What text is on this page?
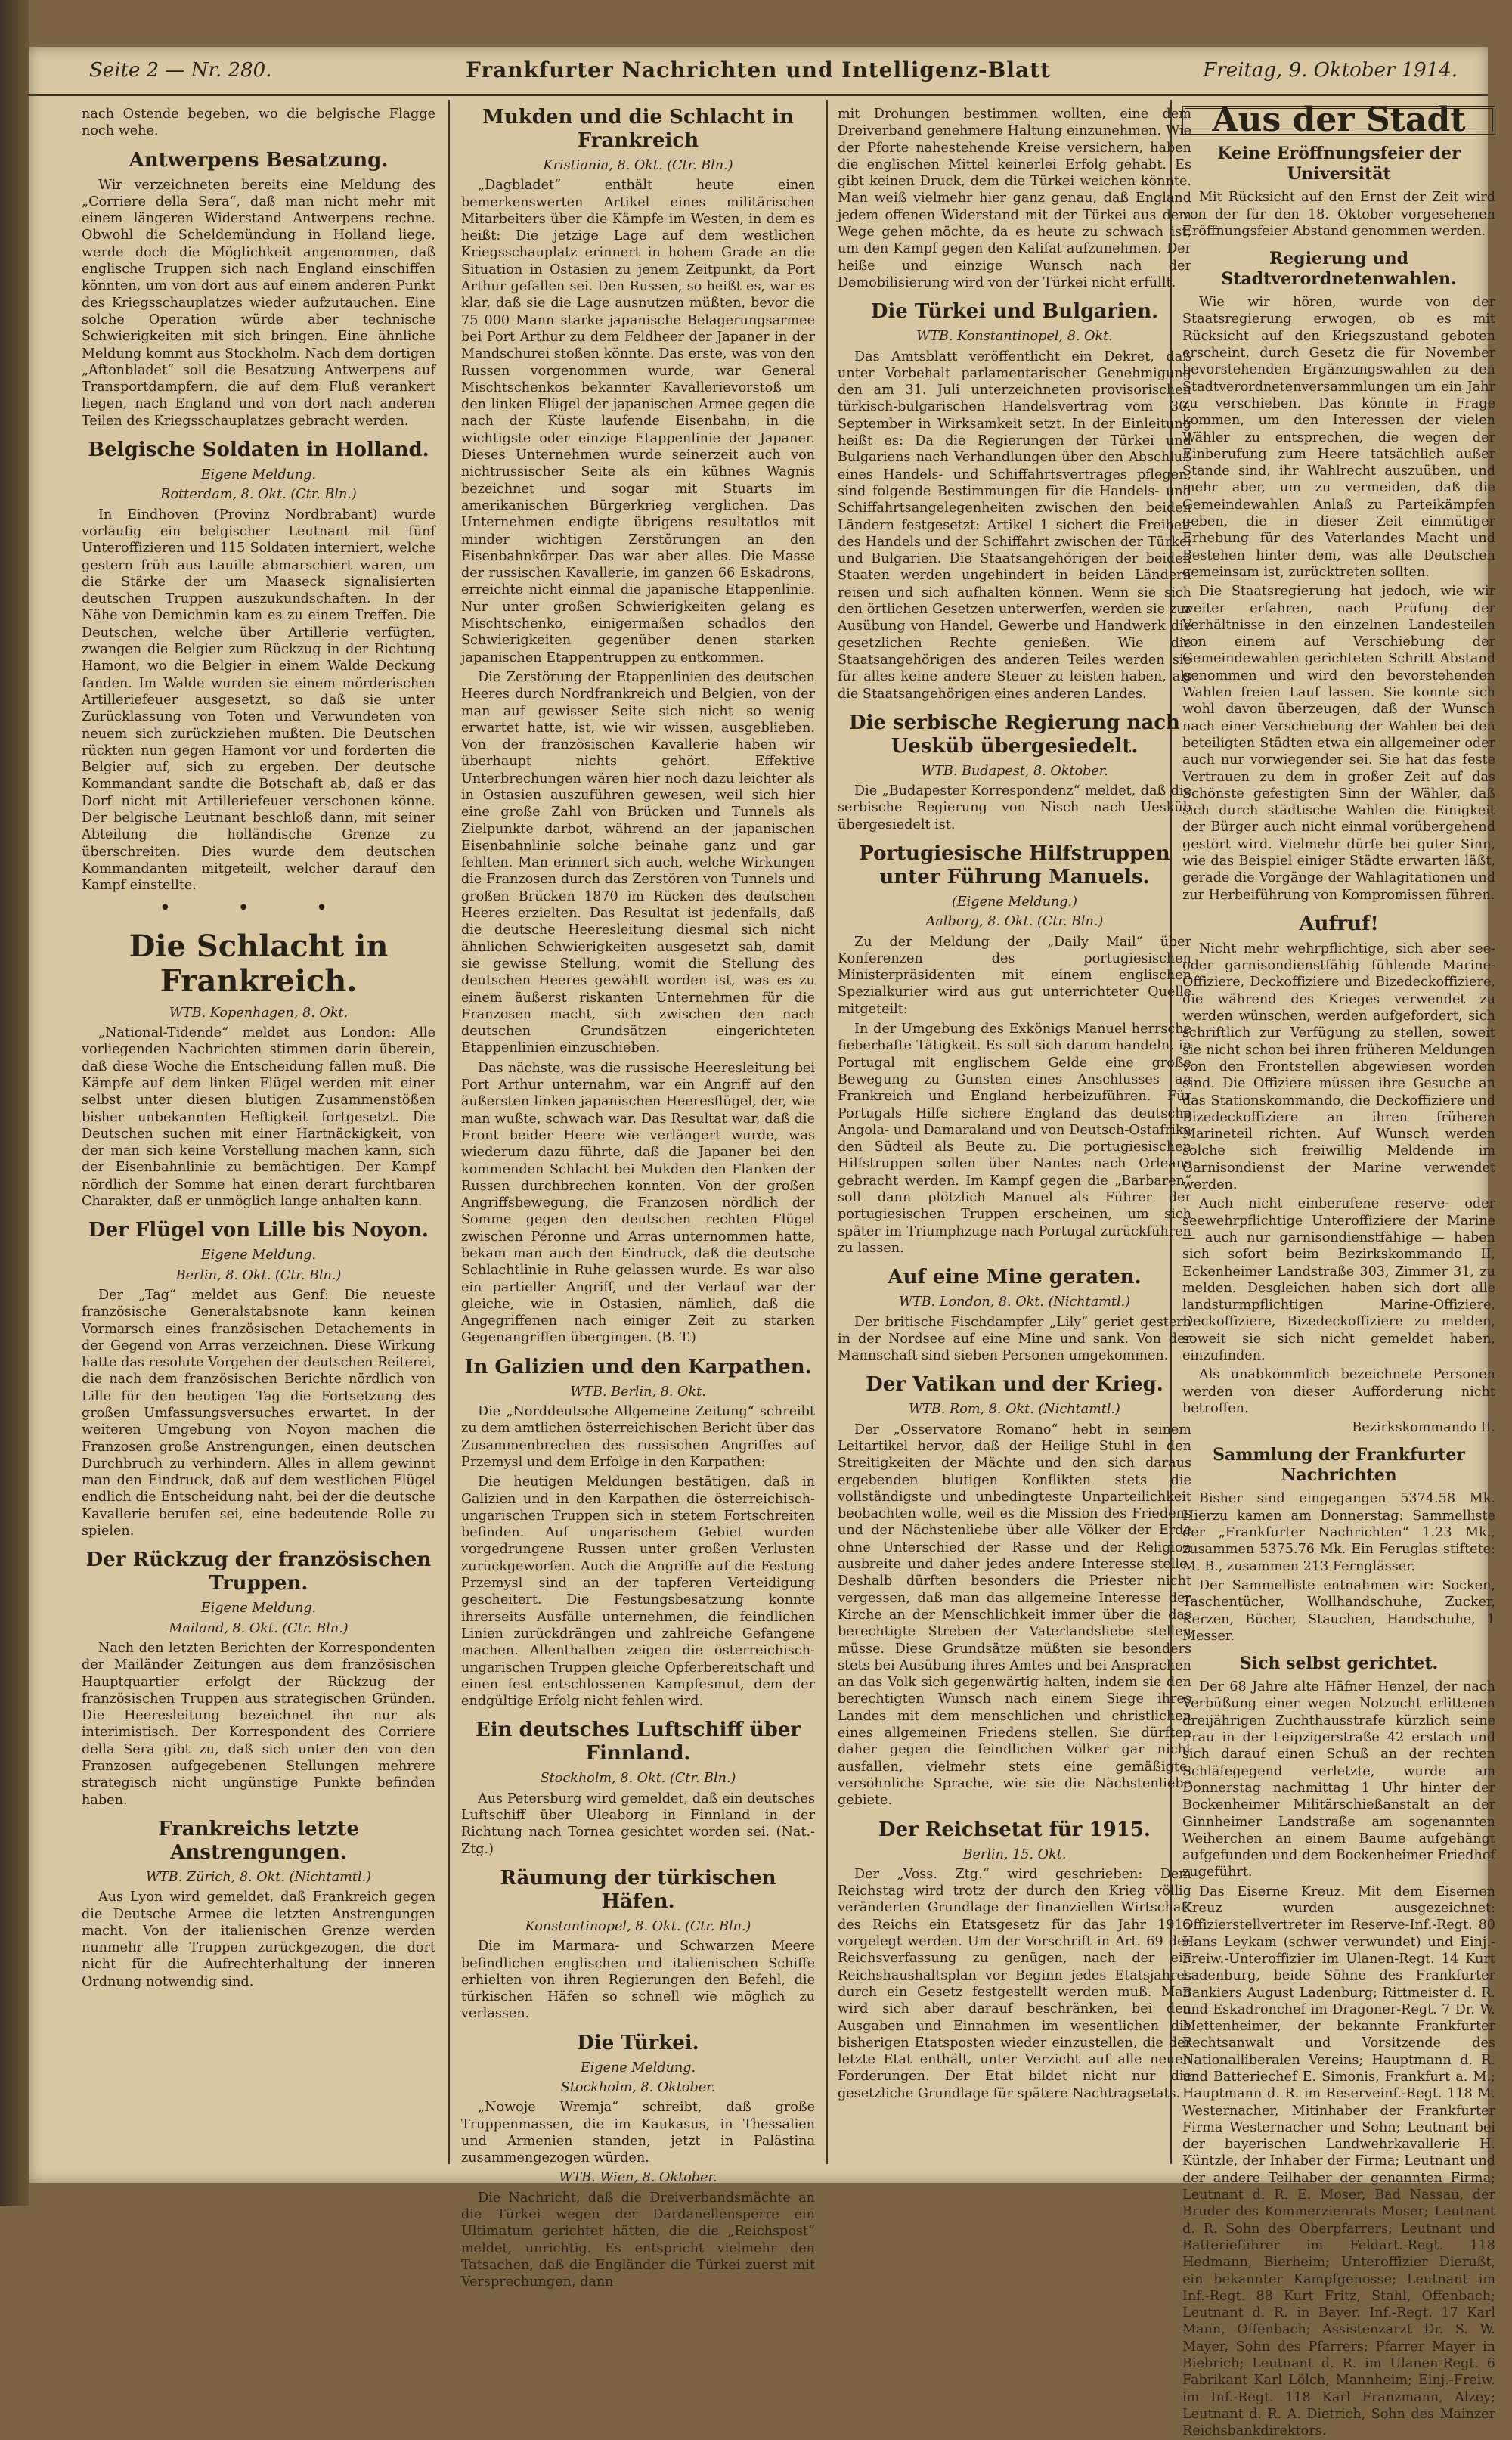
Seite 2 — Nr. 280.	Frankfurter Nachrichten und Intelligenz-Blatt	Freitag, 9. Oktober 1914.

nach Ostende begeben, wo die belgische Flagge noch wehe.

Antwerpens Besatzung.

Wir verzeichneten bereits eine Meldung des „Corriere della Sera“, daß man nicht mehr mit einem längeren Widerstand Antwerpens rechne. Obwohl die Scheldemündung in Holland liege, werde doch die Möglichkeit angenommen, daß englische Truppen sich nach England einschiffen könnten, um von dort aus auf einem anderen Punkt des Kriegsschauplatzes wieder aufzutauchen. Eine solche Operation würde aber technische Schwierigkeiten mit sich bringen. Eine ähnliche Meldung kommt aus Stockholm. Nach dem dortigen „Aftonbladet“ soll die Besatzung Antwerpens auf Transportdampfern, die auf dem Fluß verankert liegen, nach England und von dort nach anderen Teilen des Kriegsschauplatzes gebracht werden.

Belgische Soldaten in Holland.
Eigene Meldung.
Rotterdam, 8. Okt. (Ctr. Bln.)

In Eindhoven (Provinz Nordbrabant) wurde vorläufig ein belgischer Leutnant mit fünf Unteroffizieren und 115 Soldaten interniert, welche gestern früh aus Lauille abmarschiert waren, um die Stärke der um Maaseck signalisierten deutschen Truppen auszukundschaften. In der Nähe von Demichmin kam es zu einem Treffen. Die Deutschen, welche über Artillerie verfügten, zwangen die Belgier zum Rückzug in der Richtung Hamont, wo die Belgier in einem Walde Deckung fanden. Im Walde wurden sie einem mörderischen Artilleriefeuer ausgesetzt, so daß sie unter Zurücklassung von Toten und Verwundeten von neuem sich zurückziehen mußten. Die Deutschen rückten nun gegen Hamont vor und forderten die Belgier auf, sich zu ergeben. Der deutsche Kommandant sandte die Botschaft ab, daß er das Dorf nicht mit Artilleriefeuer verschonen könne. Der belgische Leutnant beschloß dann, mit seiner Abteilung die holländische Grenze zu überschreiten. Dies wurde dem deutschen Kommandanten mitgeteilt, welcher darauf den Kampf einstellte.

• • •
Die Schlacht in Frankreich.
WTB. Kopenhagen, 8. Okt.

„National-Tidende“ meldet aus London: Alle vorliegenden Nachrichten stimmen darin überein, daß diese Woche die Entscheidung fallen muß. Die Kämpfe auf dem linken Flügel werden mit einer selbst unter diesen blutigen Zusammenstößen bisher unbekannten Heftigkeit fortgesetzt. Die Deutschen suchen mit einer Hartnäckigkeit, von der man sich keine Vorstellung machen kann, sich der Eisenbahnlinie zu bemächtigen. Der Kampf nördlich der Somme hat einen derart furchtbaren Charakter, daß er unmöglich lange anhalten kann.

Der Flügel von Lille bis Noyon.
Eigene Meldung.
Berlin, 8. Okt. (Ctr. Bln.)

Der „Tag“ meldet aus Genf: Die neueste französische Generalstabsnote kann keinen Vormarsch eines französischen Detachements in der Gegend von Arras verzeichnen. Diese Wirkung hatte das resolute Vorgehen der deutschen Reiterei, die nach dem französischen Berichte nördlich von Lille für den heutigen Tag die Fortsetzung des großen Umfassungsversuches erwartet. In der weiteren Umgebung von Noyon machen die Franzosen große Anstrengungen, einen deutschen Durchbruch zu verhindern. Alles in allem gewinnt man den Eindruck, daß auf dem westlichen Flügel endlich die Entscheidung naht, bei der die deutsche Kavallerie berufen sei, eine bedeutende Rolle zu spielen.

Der Rückzug der französischen Truppen.
Eigene Meldung.
Mailand, 8. Okt. (Ctr. Bln.)

Nach den letzten Berichten der Korrespondenten der Mailänder Zeitungen aus dem französischen Hauptquartier erfolgt der Rückzug der französischen Truppen aus strategischen Gründen. Die Heeresleitung bezeichnet ihn nur als interimistisch. Der Korrespondent des Corriere della Sera gibt zu, daß sich unter den von den Franzosen aufgegebenen Stellungen mehrere strategisch nicht ungünstige Punkte befinden haben.

Frankreichs letzte Anstrengungen.
WTB. Zürich, 8. Okt. (Nichtamtl.)

Aus Lyon wird gemeldet, daß Frankreich gegen die Deutsche Armee die letzten Anstrengungen macht. Von der italienischen Grenze werden nunmehr alle Truppen zurückgezogen, die dort nicht für die Aufrechterhaltung der inneren Ordnung notwendig sind.

Mukden und die Schlacht in Frankreich
Kristiania, 8. Okt. (Ctr. Bln.)

„Dagbladet“ enthält heute einen bemerkenswerten Artikel eines militärischen Mitarbeiters über die Kämpfe im Westen, in dem es heißt: Die jetzige Lage auf dem westlichen Kriegsschauplatz erinnert in hohem Grade an die Situation in Ostasien zu jenem Zeitpunkt, da Port Arthur gefallen sei. Den Russen, so heißt es, war es klar, daß sie die Lage ausnutzen müßten, bevor die 75 000 Mann starke japanische Belagerungsarmee bei Port Arthur zu dem Feldheer der Japaner in der Mandschurei stoßen könnte. Das erste, was von den Russen vorgenommen wurde, war General Mischtschenkos bekannter Kavallerievorstoß um den linken Flügel der japanischen Armee gegen die nach der Küste laufende Eisenbahn, in die wichtigste oder einzige Etappenlinie der Japaner. Dieses Unternehmen wurde seinerzeit auch von nichtrussischer Seite als ein kühnes Wagnis bezeichnet und sogar mit Stuarts im amerikanischen Bürgerkrieg verglichen. Das Unternehmen endigte übrigens resultatlos mit minder wichtigen Zerstörungen an den Eisenbahnkörper. Das war aber alles. Die Masse der russischen Kavallerie, im ganzen 66 Eskadrons, erreichte nicht einmal die japanische Etappenlinie. Nur unter großen Schwierigkeiten gelang es Mischtschenko, einigermaßen schadlos den Schwierigkeiten gegenüber denen starken japanischen Etappentruppen zu entkommen.

Die Zerstörung der Etappenlinien des deutschen Heeres durch Nordfrankreich und Belgien, von der man auf gewisser Seite sich nicht so wenig erwartet hatte, ist, wie wir wissen, ausgeblieben. Von der französischen Kavallerie haben wir überhaupt nichts gehört. Effektive Unterbrechungen wären hier noch dazu leichter als in Ostasien auszuführen gewesen, weil sich hier eine große Zahl von Brücken und Tunnels als Zielpunkte darbot, während an der japanischen Eisenbahnlinie solche beinahe ganz und gar fehlten. Man erinnert sich auch, welche Wirkungen die Franzosen durch das Zerstören von Tunnels und großen Brücken 1870 im Rücken des deutschen Heeres erzielten. Das Resultat ist jedenfalls, daß die deutsche Heeresleitung diesmal sich nicht ähnlichen Schwierigkeiten ausgesetzt sah, damit sie gewisse Stellung, womit die Stellung des deutschen Heeres gewählt worden ist, was es zu einem äußerst riskanten Unternehmen für die Franzosen macht, sich zwischen den nach deutschen Grundsätzen eingerichteten Etappenlinien einzuschieben.

Das nächste, was die russische Heeresleitung bei Port Arthur unternahm, war ein Angriff auf den äußersten linken japanischen Heeresflügel, der, wie man wußte, schwach war. Das Resultat war, daß die Front beider Heere wie verlängert wurde, was wiederum dazu führte, daß die Japaner bei den kommenden Schlacht bei Mukden den Flanken der Russen durchbrechen konnten. Von der großen Angriffsbewegung, die Franzosen nördlich der Somme gegen den deutschen rechten Flügel zwischen Péronne und Arras unternommen hatte, bekam man auch den Eindruck, daß die deutsche Schlachtlinie in Ruhe gelassen wurde. Es war also ein partieller Angriff, und der Verlauf war der gleiche, wie in Ostasien, nämlich, daß die Angegriffenen nach einiger Zeit zu starken Gegenangriffen übergingen. (B. T.)

In Galizien und den Karpathen.
WTB. Berlin, 8. Okt.

Die „Norddeutsche Allgemeine Zeitung“ schreibt zu dem amtlichen österreichischen Bericht über das Zusammenbrechen des russischen Angriffes auf Przemysl und dem Erfolge in den Karpathen:

Die heutigen Meldungen bestätigen, daß in Galizien und in den Karpathen die österreichisch-ungarischen Truppen sich in stetem Fortschreiten befinden. Auf ungarischem Gebiet wurden vorgedrungene Russen unter großen Verlusten zurückgeworfen. Auch die Angriffe auf die Festung Przemysl sind an der tapferen Verteidigung gescheitert. Die Festungsbesatzung konnte ihrerseits Ausfälle unternehmen, die feindlichen Linien zurückdrängen und zahlreiche Gefangene machen. Allenthalben zeigen die österreichisch-ungarischen Truppen gleiche Opferbereitschaft und einen fest entschlossenen Kampfesmut, dem der endgültige Erfolg nicht fehlen wird.

Ein deutsches Luftschiff über Finnland.
Stockholm, 8. Okt. (Ctr. Bln.)

Aus Petersburg wird gemeldet, daß ein deutsches Luftschiff über Uleaborg in Finnland in der Richtung nach Tornea gesichtet worden sei. (Nat.-Ztg.)

Räumung der türkischen Häfen.
Konstantinopel, 8. Okt. (Ctr. Bln.)

Die im Marmara- und Schwarzen Meere befindlichen englischen und italienischen Schiffe erhielten von ihren Regierungen den Befehl, die türkischen Häfen so schnell wie möglich zu verlassen.

Die Türkei.
Eigene Meldung.
Stockholm, 8. Oktober.

„Nowoje Wremja“ schreibt, daß große Truppenmassen, die im Kaukasus, in Thessalien und Armenien standen, jetzt in Palästina zusammengezogen würden.

WTB. Wien, 8. Oktober.

Die Nachricht, daß die Dreiverbandsmächte an die Türkei wegen der Dardanellensperre ein Ultimatum gerichtet hätten, die die „Reichspost“ meldet, unrichtig. Es entspricht vielmehr den Tatsachen, daß die Engländer die Türkei zuerst mit Versprechungen, dann

mit Drohungen bestimmen wollten, eine dem Dreiverband genehmere Haltung einzunehmen. Wie der Pforte nahestehende Kreise versichern, haben die englischen Mittel keinerlei Erfolg gehabt. Es gibt keinen Druck, dem die Türkei weichen könnte. Man weiß vielmehr hier ganz genau, daß England jedem offenen Widerstand mit der Türkei aus dem Wege gehen möchte, da es heute zu schwach ist, um den Kampf gegen den Kalifat aufzunehmen. Der heiße und einzige Wunsch nach der Demobilisierung wird von der Türkei nicht erfüllt.

Die Türkei und Bulgarien.
WTB. Konstantinopel, 8. Okt.

Das Amtsblatt veröffentlicht ein Dekret, daß unter Vorbehalt parlamentarischer Genehmigung den am 31. Juli unterzeichneten provisorischen türkisch-bulgarischen Handelsvertrag vom 30. September in Wirksamkeit setzt. In der Einleitung heißt es: Da die Regierungen der Türkei und Bulgariens nach Verhandlungen über den Abschluß eines Handels- und Schiffahrtsvertrages pflegen, sind folgende Bestimmungen für die Handels- und Schiffahrtsangelegenheiten zwischen den beiden Ländern festgesetzt: Artikel 1 sichert die Freiheit des Handels und der Schiffahrt zwischen der Türkei und Bulgarien. Die Staatsangehörigen der beiden Staaten werden ungehindert in beiden Ländern reisen und sich aufhalten können. Wenn sie sich den örtlichen Gesetzen unterwerfen, werden sie zur Ausübung von Handel, Gewerbe und Handwerk die gesetzlichen Rechte genießen. Wie die Staatsangehörigen des anderen Teiles werden sie für alles keine andere Steuer zu leisten haben, als die Staatsangehörigen eines anderen Landes.

Die serbische Regierung nach Uesküb übergesiedelt.
WTB. Budapest, 8. Oktober.

Die „Budapester Korrespondenz“ meldet, daß die serbische Regierung von Nisch nach Uesküb übergesiedelt ist.

Portugiesische Hilfstruppen unter Führung Manuels.
(Eigene Meldung.)
Aalborg, 8. Okt. (Ctr. Bln.)

Zu der Meldung der „Daily Mail“ über Konferenzen des portugiesischen Ministerpräsidenten mit einem englischen Spezialkurier wird aus gut unterrichteter Quelle mitgeteilt:

In der Umgebung des Exkönigs Manuel herrsche fieberhafte Tätigkeit. Es soll sich darum handeln, in Portugal mit englischem Gelde eine große Bewegung zu Gunsten eines Anschlusses an Frankreich und England herbeizuführen. Für Portugals Hilfe sichere England das deutsche Angola- und Damaraland und von Deutsch-Ostafrika den Südteil als Beute zu. Die portugiesischen Hilfstruppen sollen über Nantes nach Orleans gebracht werden. Im Kampf gegen die „Barbaren“ soll dann plötzlich Manuel als Führer der portugiesischen Truppen erscheinen, um sich später im Triumphzuge nach Portugal zurückführen zu lassen.

Auf eine Mine geraten.
WTB. London, 8. Okt. (Nichtamtl.)

Der britische Fischdampfer „Lily“ geriet gestern in der Nordsee auf eine Mine und sank. Von der Mannschaft sind sieben Personen umgekommen.

Der Vatikan und der Krieg.
WTB. Rom, 8. Okt. (Nichtamtl.)

Der „Osservatore Romano“ hebt in seinem Leitartikel hervor, daß der Heilige Stuhl in den Streitigkeiten der Mächte und den sich daraus ergebenden blutigen Konflikten stets die vollständigste und unbedingteste Unparteilichkeit beobachten wolle, weil es die Mission des Friedens und der Nächstenliebe über alle Völker der Erde ohne Unterschied der Rasse und der Religion ausbreite und daher jedes andere Interesse stelle. Deshalb dürften besonders die Priester nicht vergessen, daß man das allgemeine Interesse der Kirche an der Menschlichkeit immer über die das berechtigte Streben der Vaterlandsliebe stellen müsse. Diese Grundsätze müßten sie besonders stets bei Ausübung ihres Amtes und bei Ansprachen an das Volk sich gegenwärtig halten, indem sie den berechtigten Wunsch nach einem Siege ihres Landes mit dem menschlichen und christlichen eines allgemeinen Friedens stellen. Sie dürften daher gegen die feindlichen Völker gar nicht ausfallen, vielmehr stets eine gemäßigte, versöhnliche Sprache, wie sie die Nächstenliebe gebiete.

Der Reichsetat für 1915.
Berlin, 15. Okt.

Der „Voss. Ztg.“ wird geschrieben: Dem Reichstag wird trotz der durch den Krieg völlig veränderten Grundlage der finanziellen Wirtschaft des Reichs ein Etatsgesetz für das Jahr 1915 vorgelegt werden. Um der Vorschrift in Art. 69 der Reichsverfassung zu genügen, nach der ein Reichshaushaltsplan vor Beginn jedes Etatsjahres durch ein Gesetz festgestellt werden muß. Man wird sich aber darauf beschränken, bei den Ausgaben und Einnahmen im wesentlichen die bisherigen Etatsposten wieder einzustellen, die der letzte Etat enthält, unter Verzicht auf alle neuen Forderungen. Der Etat bildet nicht nur die gesetzliche Grundlage für spätere Nachtragsetats.

Aus der Stadt
Keine Eröffnungsfeier der Universität

Mit Rücksicht auf den Ernst der Zeit wird von der für den 18. Oktober vorgesehenen Eröffnungsfeier Abstand genommen werden.

Regierung und Stadtverordnetenwahlen.

Wie wir hören, wurde von der Staatsregierung erwogen, ob es mit Rücksicht auf den Kriegszustand geboten erscheint, durch Gesetz die für November bevorstehenden Ergänzungswahlen zu den Stadtverordnetenversammlungen um ein Jahr zu verschieben. Das könnte in Frage kommen, um den Interessen der vielen Wähler zu entsprechen, die wegen der Einberufung zum Heere tatsächlich außer Stande sind, ihr Wahlrecht auszuüben, und mehr aber, um zu vermeiden, daß die Gemeindewahlen Anlaß zu Parteikämpfen geben, die in dieser Zeit einmütiger Erhebung für des Vaterlandes Macht und Bestehen hinter dem, was alle Deutschen gemeinsam ist, zurücktreten sollten.

Die Staatsregierung hat jedoch, wie wir weiter erfahren, nach Prüfung der Verhältnisse in den einzelnen Landesteilen von einem auf Verschiebung der Gemeindewahlen gerichteten Schritt Abstand genommen und wird den bevorstehenden Wahlen freien Lauf lassen. Sie konnte sich wohl davon überzeugen, daß der Wunsch nach einer Verschiebung der Wahlen bei den beteiligten Städten etwa ein allgemeiner oder auch nur vorwiegender sei. Sie hat das feste Vertrauen zu dem in großer Zeit auf das Schönste gefestigten Sinn der Wähler, daß sich durch städtische Wahlen die Einigkeit der Bürger auch nicht einmal vorübergehend gestört wird. Vielmehr dürfe bei guter Sinn, wie das Beispiel einiger Städte erwarten läßt, gerade die Vorgänge der Wahlagitationen und zur Herbeiführung von Kompromissen führen.

Aufruf!

Nicht mehr wehrpflichtige, sich aber see- oder garnisondienstfähig fühlende Marine-Offiziere, Deckoffiziere und Bizedeckoffiziere, die während des Krieges verwendet zu werden wünschen, werden aufgefordert, sich schriftlich zur Verfügung zu stellen, soweit sie nicht schon bei ihren früheren Meldungen von den Frontstellen abgewiesen worden sind. Die Offiziere müssen ihre Gesuche an das Stationskommando, die Deckoffiziere und Bizedeckoffiziere an ihren früheren Marineteil richten. Auf Wunsch werden solche sich freiwillig Meldende im Garnisondienst der Marine verwendet werden.

Auch nicht einberufene reserve- oder seewehrpflichtige Unteroffiziere der Marine — auch nur garnisondienstfähige — haben sich sofort beim Bezirkskommando II, Eckenheimer Landstraße 303, Zimmer 31, zu melden. Desgleichen haben sich dort alle landsturmpflichtigen Marine-Offiziere, Deckoffiziere, Bizedeckoffiziere zu melden, soweit sie sich nicht gemeldet haben, einzufinden.

Als unabkömmlich bezeichnete Personen werden von dieser Aufforderung nicht betroffen.

Bezirkskommando II.
Sammlung der Frankfurter Nachrichten

Bisher sind eingegangen 5374.58 Mk. Hierzu kamen am Donnerstag: Sammelliste der „Frankfurter Nachrichten“ 1.23 Mk., zusammen 5375.76 Mk. Ein Feruglas stiftete: M. B., zusammen 213 Fernglässer.

Der Sammelliste entnahmen wir: Socken, Taschentücher, Wollhandschuhe, Zucker, Kerzen, Bücher, Stauchen, Handschuhe, 1 Messer.

Sich selbst gerichtet.

Der 68 Jahre alte Häfner Henzel, der nach Verbüßung einer wegen Notzucht erlittenen dreijährigen Zuchthausstrafe kürzlich seine Frau in der Leipzigerstraße 42 erstach und sich darauf einen Schuß an der rechten Schläfegegend verletzte, wurde am Donnerstag nachmittag 1 Uhr hinter der Bockenheimer Militärschießanstalt an der Ginnheimer Landstraße am sogenannten Weiherchen an einem Baume aufgehängt aufgefunden und dem Bockenheimer Friedhof zugeführt.

Das Eiserne Kreuz. Mit dem Eisernen Kreuz wurden ausgezeichnet: Offizierstellvertreter im Reserve-Inf.-Regt. 80 Hans Leykam (schwer verwundet) und Einj.-Freiw.-Unteroffizier im Ulanen-Regt. 14 Kurt Ladenburg, beide Söhne des Frankfurter Bankiers August Ladenburg; Rittmeister d. R. und Eskadronchef im Dragoner-Regt. 7 Dr. W. Mettenheimer, der bekannte Frankfurter Rechtsanwalt und Vorsitzende des Nationalliberalen Vereins; Hauptmann d. R. und Batteriechef E. Simonis, Frankfurt a. M.; Hauptmann d. R. im Reserveinf.-Regt. 118 M. Westernacher, Mitinhaber der Frankfurter Firma Westernacher und Sohn; Leutnant bei der bayerischen Landwehrkavallerie H. Küntzle, der Inhaber der Firma; Leutnant und der andere Teilhaber der genannten Firma; Leutnant d. R. E. Moser, Bad Nassau, der Bruder des Kommerzienrats Moser; Leutnant d. R. Sohn des Oberpfarrers; Leutnant und Batterieführer im Feldart.-Regt. 118 Hedmann, Bierheim; Unteroffizier Dierußt, ein bekannter Kampfgenosse; Leutnant im Inf.-Regt. 88 Kurt Fritz, Stahl, Offenbach; Leutnant d. R. in Bayer. Inf.-Regt. 17 Karl Mann, Offenbach; Assistenzarzt Dr. S. W. Mayer, Sohn des Pfarrers; Pfarrer Mayer in Biebrich; Leutnant d. R. im Ulanen-Regt. 6 Fabrikant Karl Lölch, Mannheim; Einj.-Freiw. im Inf.-Regt. 118 Karl Franzmann, Alzey; Leutnant d. R. A. Dietrich, Sohn des Mainzer Reichsbankdirektors.
